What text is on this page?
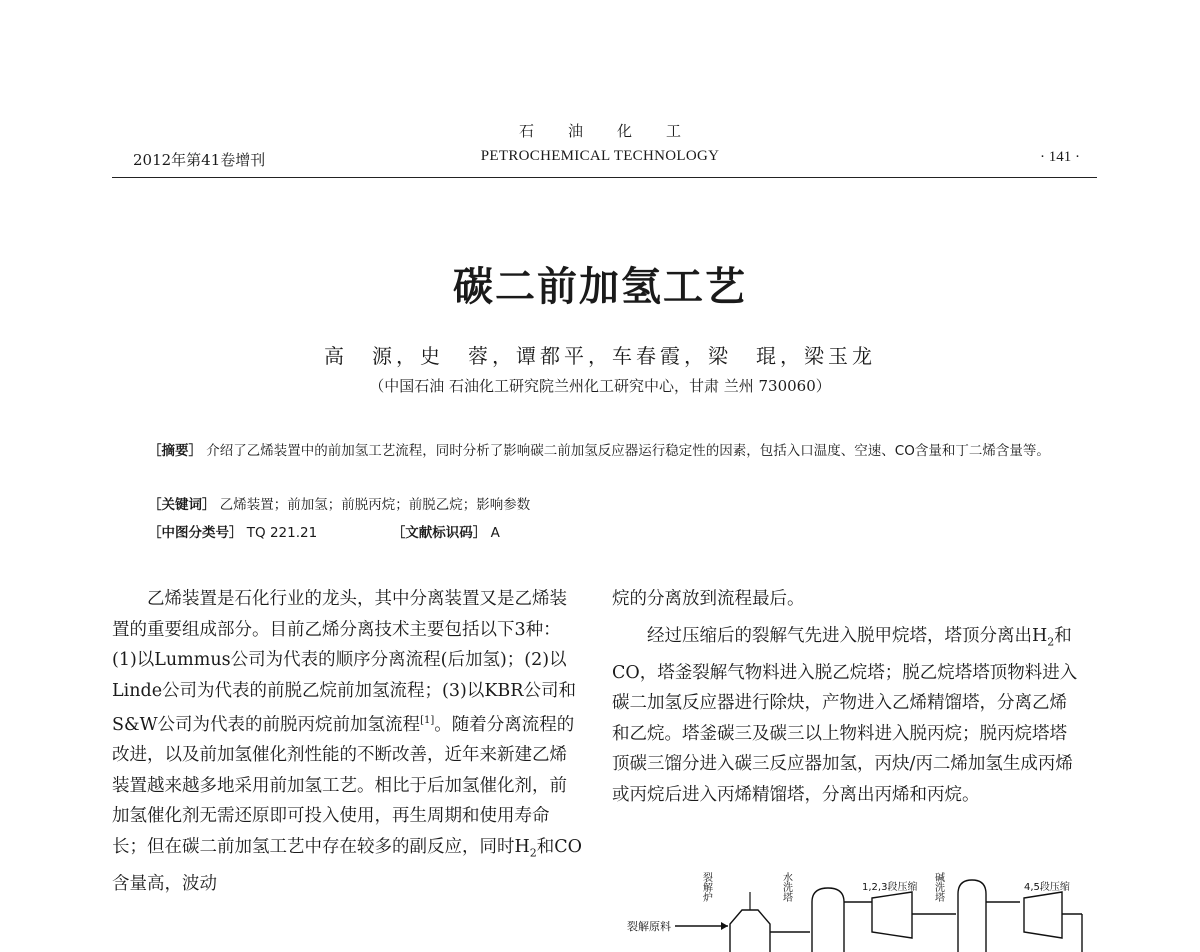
石油化工
2012年第41卷增刊	PETROCHEMICAL TECHNOLOGY	· 141 ·
碳二前加氢工艺
高　源，史　蓉，谭都平，车春霞，梁　琨，梁玉龙
（中国石油 石油化工研究院兰州化工研究中心，甘肃 兰州 730060）
［摘要］ 介绍了乙烯装置中的前加氢工艺流程，同时分析了影响碳二前加氢反应器运行稳定性的因素，包括入口温度、空速、CO含量和丁二烯含量等。
［关键词］ 乙烯装置；前加氢；前脱丙烷；前脱乙烷；影响参数
［中图分类号］ TQ 221.21	［文献标识码］ A

乙烯装置是石化行业的龙头，其中分离装置又是乙烯装置的重要组成部分。目前乙烯分离技术主要包括以下3种：(1)以Lummus公司为代表的顺序分离流程(后加氢)；(2)以Linde公司为代表的前脱乙烷前加氢流程；(3)以KBR公司和S&W公司为代表的前脱丙烷前加氢流程[1]。随着分离流程的改进，以及前加氢催化剂性能的不断改善，近年来新建乙烯装置越来越多地采用前加氢工艺。相比于后加氢催化剂，前加氢催化剂无需还原即可投入使用，再生周期和使用寿命长；但在碳二前加氢工艺中存在较多的副反应，同时$H_2$和CO含量高，波动

烷的分离放到流程最后。

经过压缩后的裂解气先进入脱甲烷塔，塔顶分离出$H_2$和CO，塔釜裂解气物料进入脱乙烷塔；脱乙烷塔塔顶物料进入碳二加氢反应器进行除炔，产物进入乙烯精馏塔，分离乙烯和乙烷。塔釜碳三及碳三以上物料进入脱丙烷；脱丙烷塔塔顶碳三馏分进入碳三反应器加氢，丙炔/丙二烯加氢生成丙烯或丙烷后进入丙烯精馏塔，分离出丙烯和丙烷。

裂解原料
裂解炉	水洗塔	1,2,3段压缩 碱洗塔	4,5段压缩
